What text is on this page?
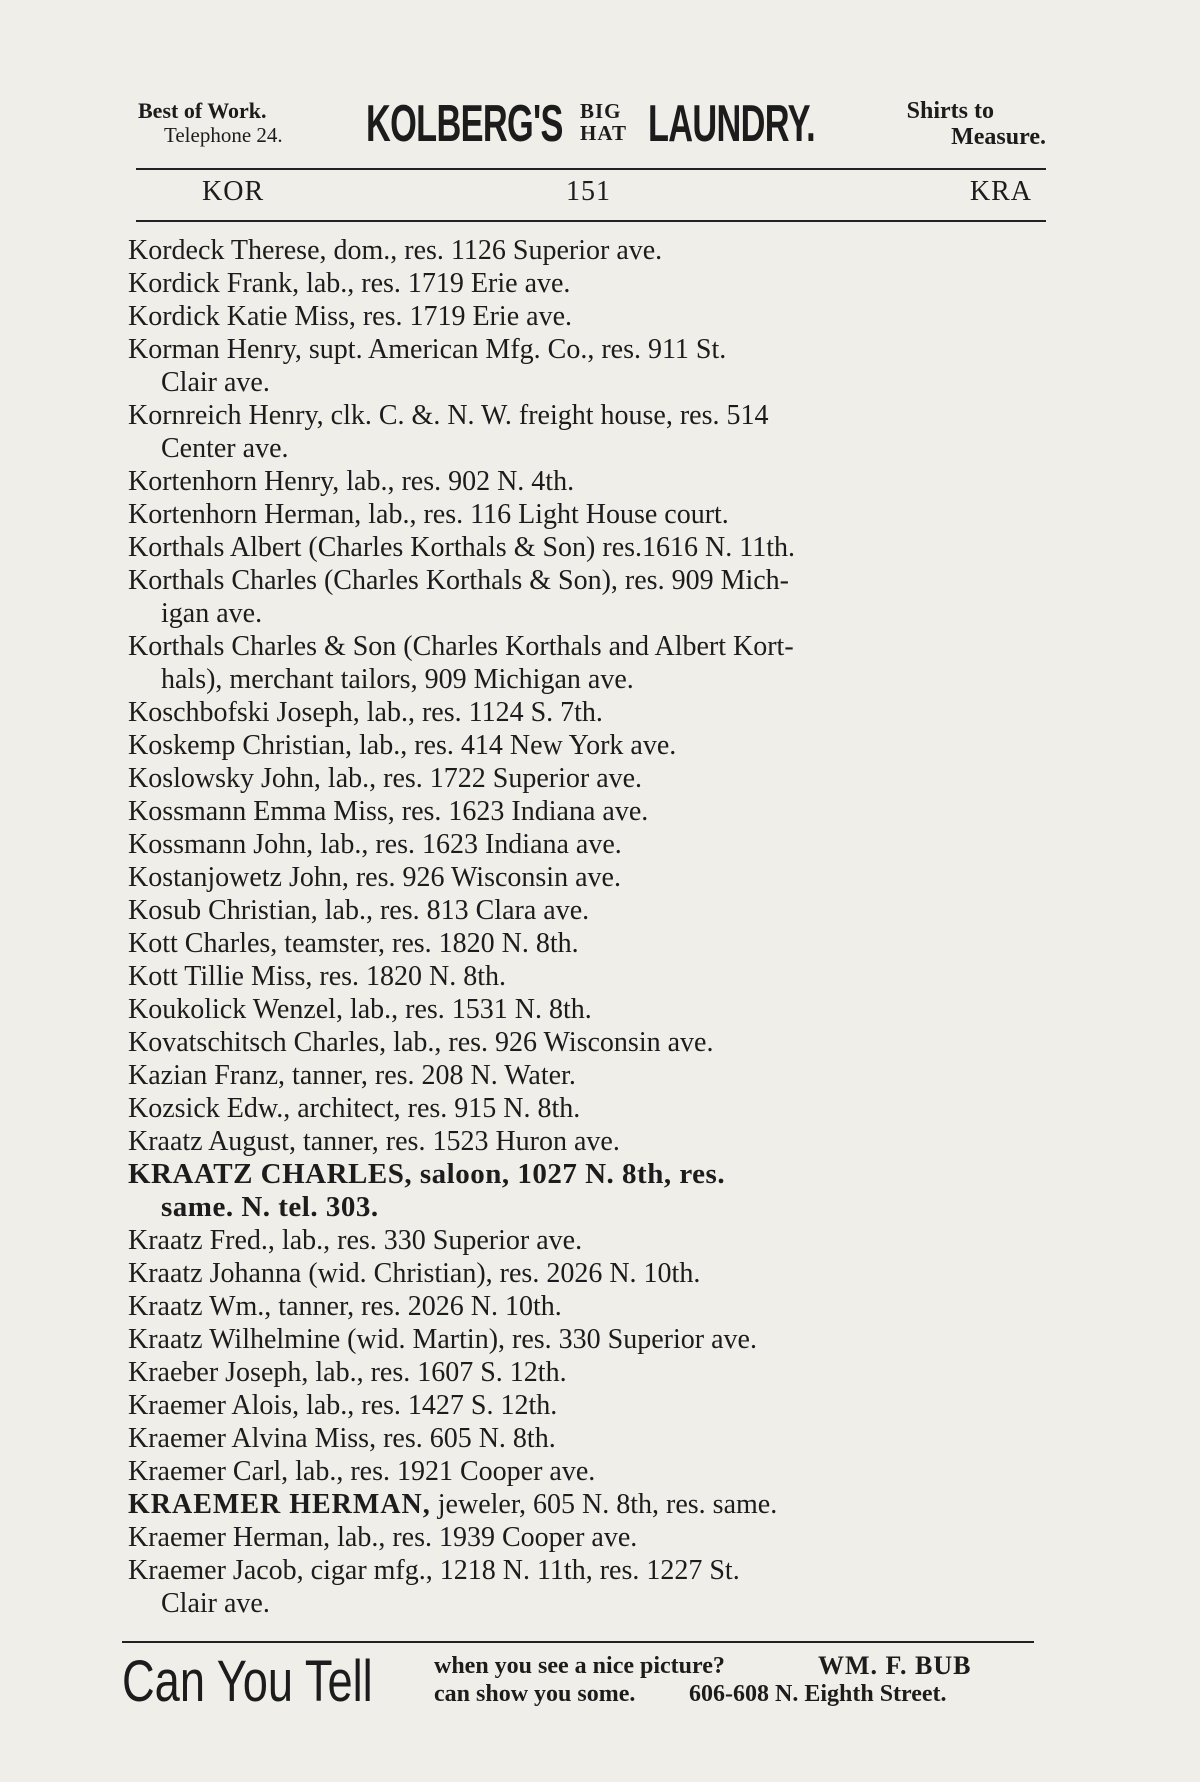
Best of Work.
Telephone 24. KOLBERG'S BIG
HAT LAUNDRY.	Shirts to
Measure.
KOR	151	KRA
Kordeck Therese, dom., res. 1126 Superior ave.
Kordick Frank, lab., res. 1719 Erie ave.
Kordick Katie Miss, res. 1719 Erie ave.
Korman Henry, supt. American Mfg. Co., res. 911 St.
Clair ave.
Kornreich Henry, clk. C. &. N. W. freight house, res. 514
Center ave.
Kortenhorn Henry, lab., res. 902 N. 4th.
Kortenhorn Herman, lab., res. 116 Light House court.
Korthals Albert (Charles Korthals & Son) res.1616 N. 11th.
Korthals Charles (Charles Korthals & Son), res. 909 Mich-
igan ave.
Korthals Charles & Son (Charles Korthals and Albert Kort-
hals), merchant tailors, 909 Michigan ave.
Koschbofski Joseph, lab., res. 1124 S. 7th.
Koskemp Christian, lab., res. 414 New York ave.
Koslowsky John, lab., res. 1722 Superior ave.
Kossmann Emma Miss, res. 1623 Indiana ave.
Kossmann John, lab., res. 1623 Indiana ave.
Kostanjowetz John, res. 926 Wisconsin ave.
Kosub Christian, lab., res. 813 Clara ave.
Kott Charles, teamster, res. 1820 N. 8th.
Kott Tillie Miss, res. 1820 N. 8th.
Koukolick Wenzel, lab., res. 1531 N. 8th.
Kovatschitsch Charles, lab., res. 926 Wisconsin ave.
Kazian Franz, tanner, res. 208 N. Water.
Kozsick Edw., architect, res. 915 N. 8th.
Kraatz August, tanner, res. 1523 Huron ave.
KRAATZ CHARLES, saloon, 1027 N. 8th, res.
same. N. tel. 303.
Kraatz Fred., lab., res. 330 Superior ave.
Kraatz Johanna (wid. Christian), res. 2026 N. 10th.
Kraatz Wm., tanner, res. 2026 N. 10th.
Kraatz Wilhelmine (wid. Martin), res. 330 Superior ave.
Kraeber Joseph, lab., res. 1607 S. 12th.
Kraemer Alois, lab., res. 1427 S. 12th.
Kraemer Alvina Miss, res. 605 N. 8th.
Kraemer Carl, lab., res. 1921 Cooper ave.
KRAEMER HERMAN, jeweler, 605 N. 8th, res. same.
Kraemer Herman, lab., res. 1939 Cooper ave.
Kraemer Jacob, cigar mfg., 1218 N. 11th, res. 1227 St.
Clair ave.
Can You Tell	when you see a nice picture?
can show you some.
WM. F. BUB
606-608 N. Eighth Street.
